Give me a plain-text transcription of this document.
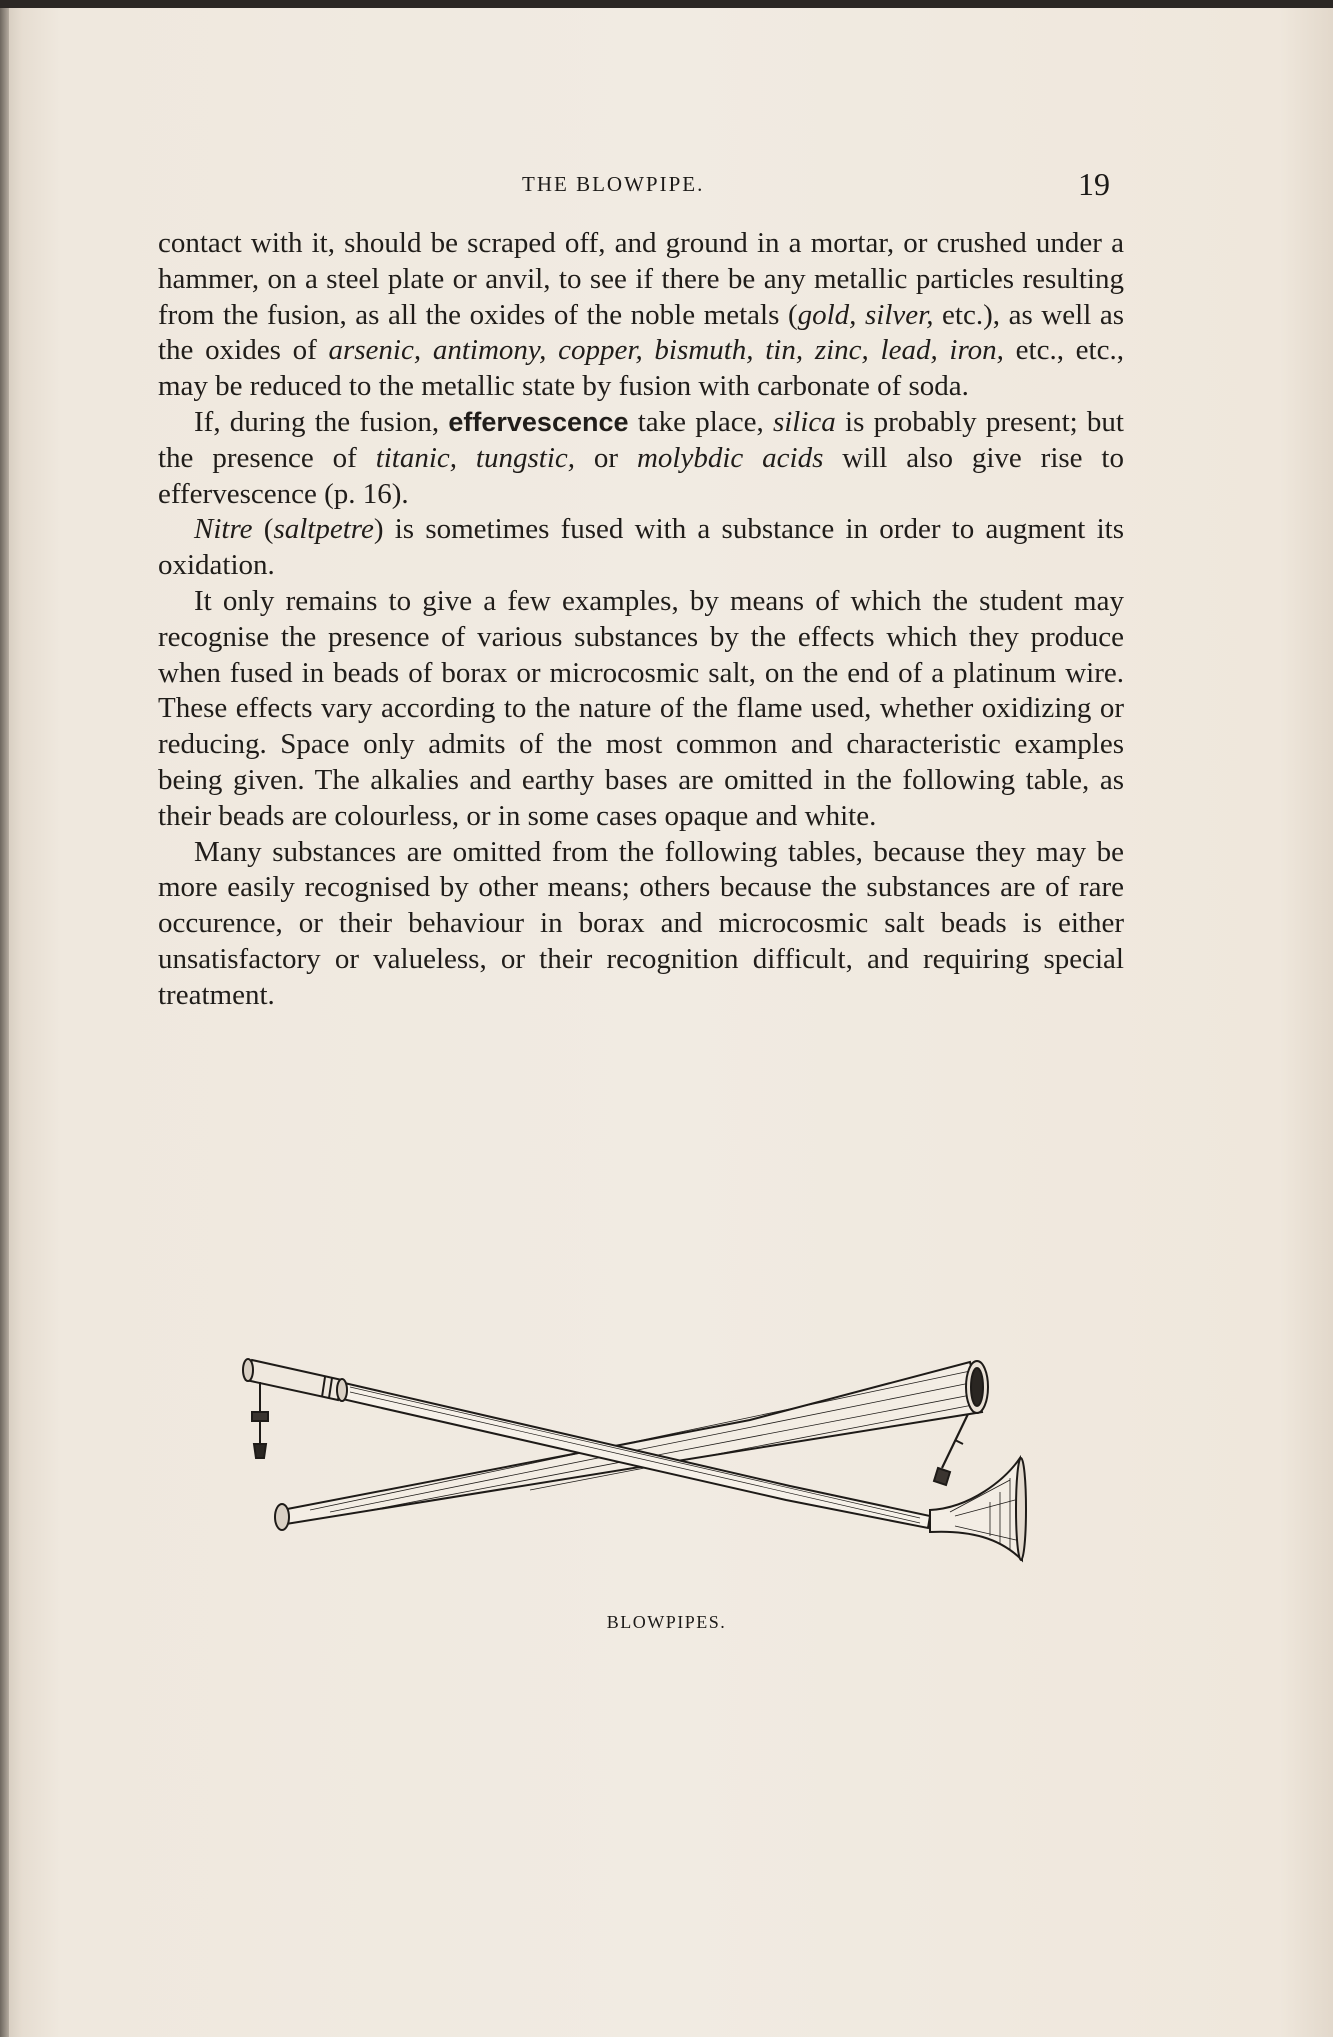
THE BLOWPIPE.	19

contact with it, should be scraped off, and ground in a mortar, or crushed under a hammer, on a steel plate or anvil, to see if there be any metallic particles resulting from the fusion, as all the oxides of the noble metals (gold, silver, etc.), as well as the oxides of arsenic, antimony, copper, bismuth, tin, zinc, lead, iron, etc., etc., may be reduced to the metallic state by fusion with carbonate of soda.

If, during the fusion, effervescence take place, silica is probably present; but the presence of titanic, tungstic, or molybdic acids will also give rise to effervescence (p. 16).

Nitre (saltpetre) is sometimes fused with a substance in order to augment its oxidation.

It only remains to give a few examples, by means of which the student may recognise the presence of various substances by the effects which they produce when fused in beads of borax or microcosmic salt, on the end of a platinum wire. These effects vary according to the nature of the flame used, whether oxidizing or reducing. Space only admits of the most common and characteristic examples being given. The alkalies and earthy bases are omitted in the following table, as their beads are colourless, or in some cases opaque and white.

Many substances are omitted from the following tables, because they may be more easily recognised by other means; others because the substances are of rare occurence, or their behaviour in borax and microcosmic salt beads is either unsatisfactory or valueless, or their recognition difficult, and requiring special treatment.

BLOWPIPES.
